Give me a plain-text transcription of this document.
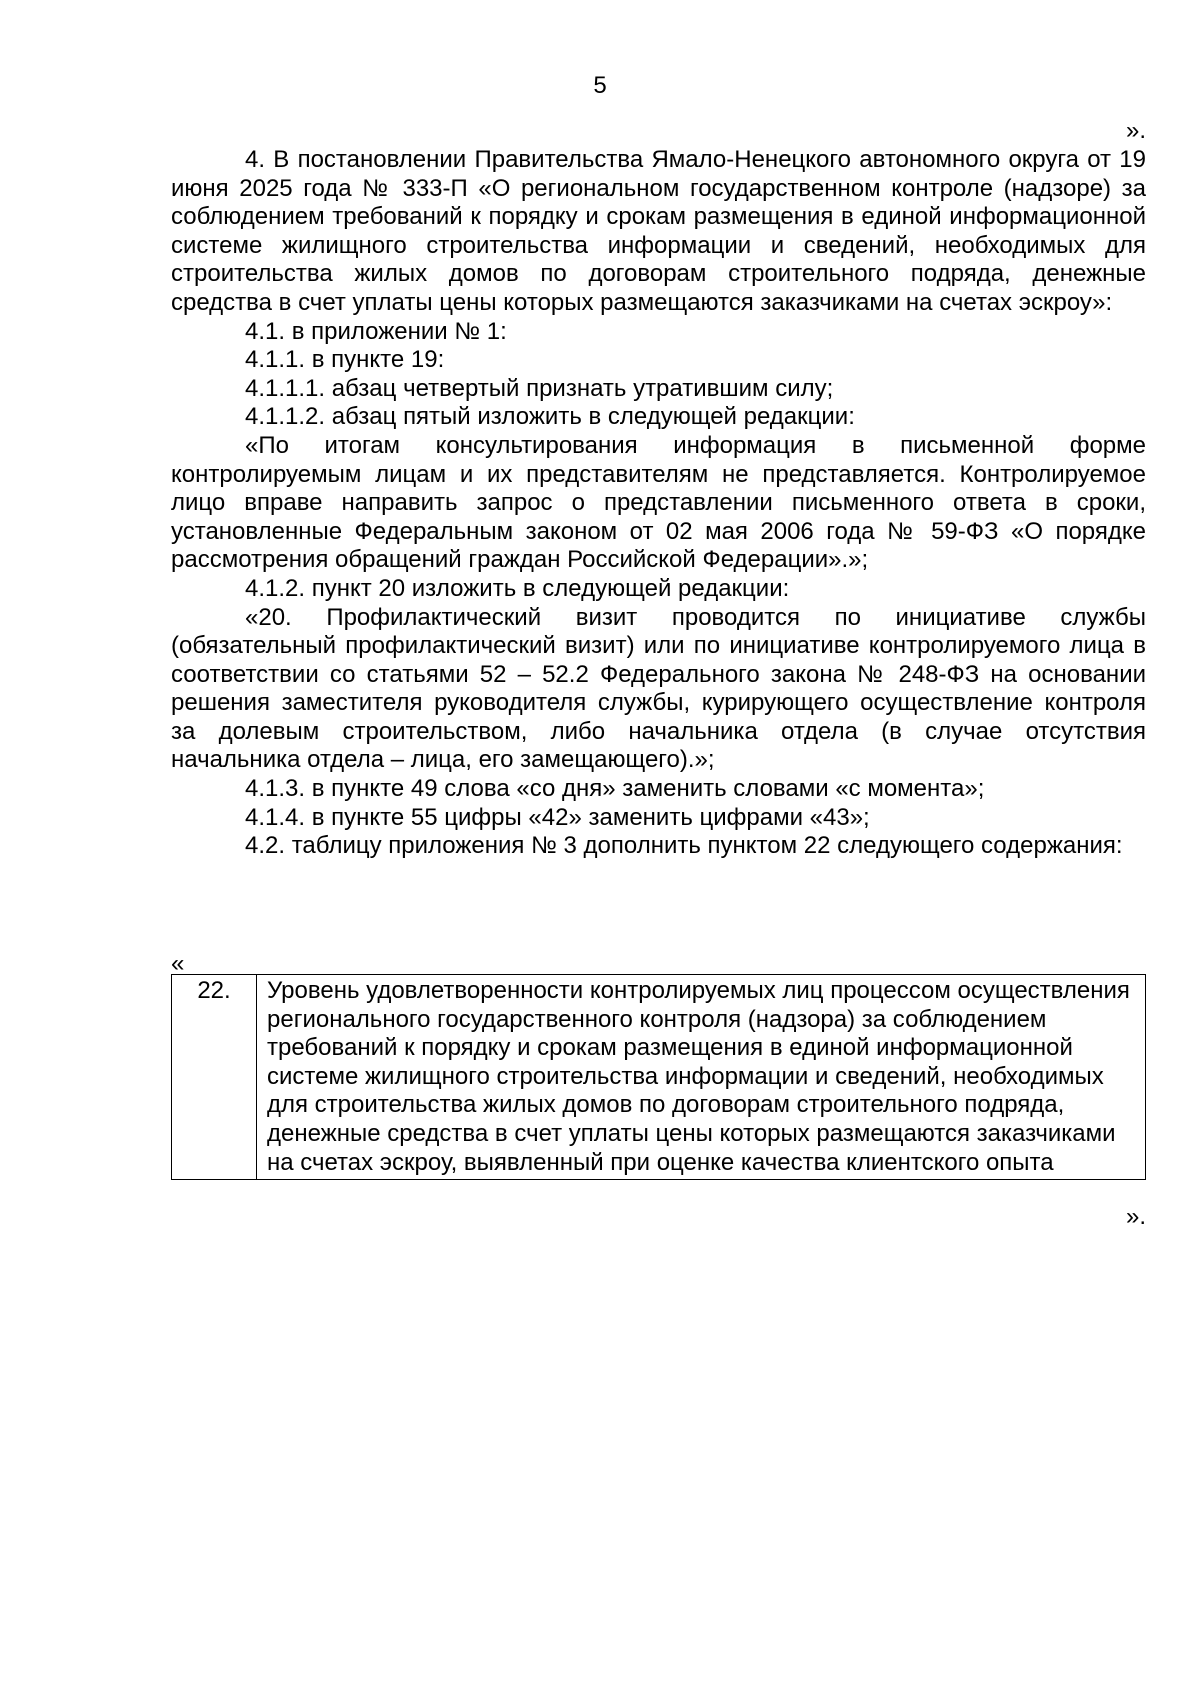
5

».

4. В постановлении Правительства Ямало-Ненецкого автономного округа от 19 июня 2025 года № 333-П «О региональном государственном контроле (надзоре) за соблюдением требований к порядку и срокам размещения в единой информационной системе жилищного строительства информации и сведений, необходимых для строительства жилых домов по договорам строительного подряда, денежные средства в счет уплаты цены которых размещаются заказчиками на счетах эскроу»:

4.1. в приложении № 1:

4.1.1. в пункте 19:

4.1.1.1. абзац четвертый признать утратившим силу;

4.1.1.2. абзац пятый изложить в следующей редакции:

«По итогам консультирования информация в письменной форме контролируемым лицам и их представителям не представляется. Контролируемое лицо вправе направить запрос о представлении письменного ответа в сроки, установленные Федеральным законом от 02 мая 2006 года № 59-ФЗ «О порядке рассмотрения обращений граждан Российской Федерации».»;

4.1.2. пункт 20 изложить в следующей редакции:

«20. Профилактический визит проводится по инициативе службы (обязательный профилактический визит) или по инициативе контролируемого лица в соответствии со статьями 52 – 52.2 Федерального закона № 248-ФЗ на основании решения заместителя руководителя службы, курирующего осуществление контроля за долевым строительством, либо начальника отдела (в случае отсутствия начальника отдела – лица, его замещающего).»;

4.1.3. в пункте 49 слова «со дня» заменить словами «с момента»;

4.1.4. в пункте 55 цифры «42» заменить цифрами «43»;

4.2. таблицу приложения № 3 дополнить пунктом 22 следующего содержания:

«

22.	Уровень удовлетворенности контролируемых лиц процессом осуществления регионального государственного контроля (надзора) за соблюдением требований к порядку и срокам размещения в единой информационной системе жилищного строительства информации и сведений, необходимых для строительства жилых домов по договорам строительного подряда, денежные средства в счет уплаты цены которых размещаются заказчиками на счетах эскроу, выявленный при оценке качества клиентского опыта

».
